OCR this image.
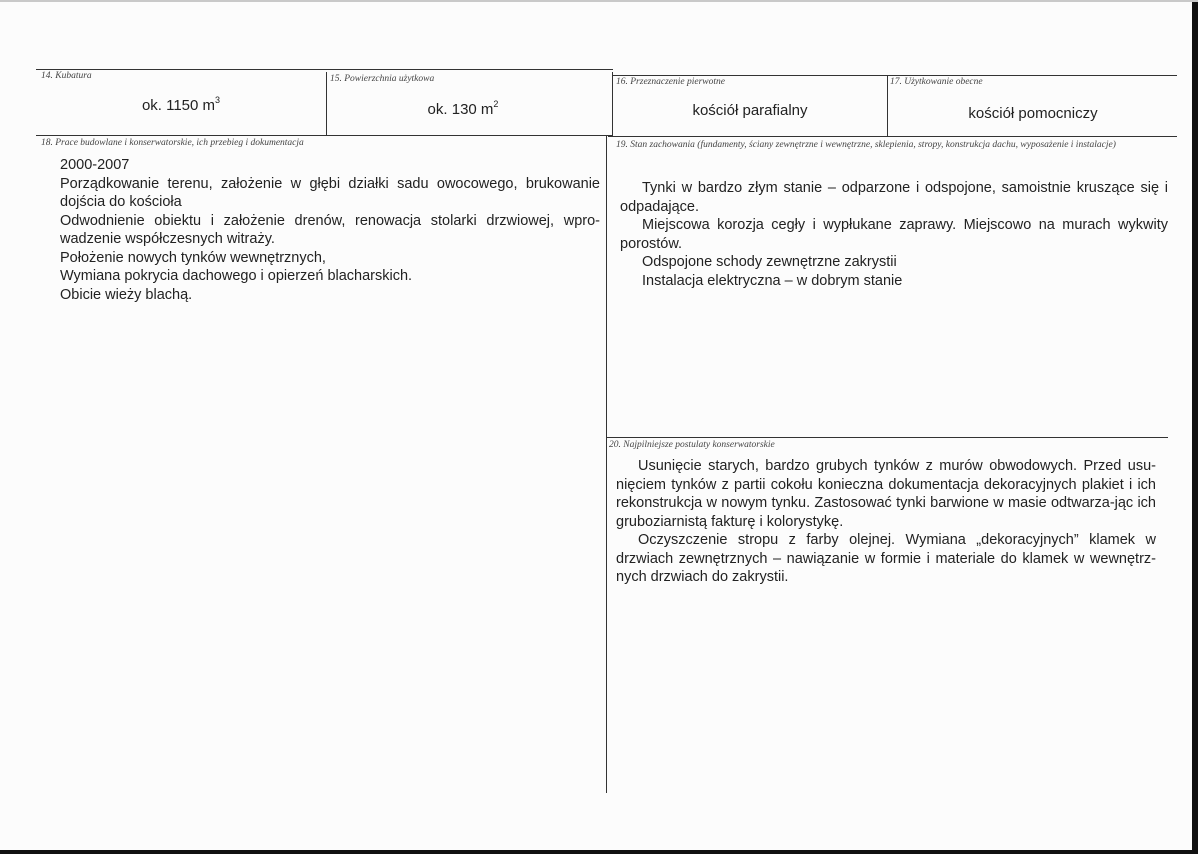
14. Kubatura
ok. 1150 $m^3$
15. Powierzchnia użytkowa
ok. 130 $m^2$
16. Przeznaczenie pierwotne
kościół parafialny
17. Użytkowanie obecne
kościół pomocniczy
18. Prace budowlane i konserwatorskie, ich przebieg i dokumentacja

2000-2007

Porządkowanie terenu, założenie w głębi działki sadu owocowego, brukowanie dojścia do kościoła

Odwodnienie obiektu i założenie drenów, renowacja stolarki drzwiowej, wpro-wadzenie współczesnych witraży.

Położenie nowych tynków wewnętrznych,

Wymiana pokrycia dachowego i opierzeń blacharskich.

Obicie wieży blachą.

19. Stan zachowania (fundamenty, ściany zewnętrzne i wewnętrzne, sklepienia, stropy, konstrukcja dachu, wyposażenie i instalacje)

Tynki w bardzo złym stanie – odparzone i odspojone, samoistnie kruszące się i odpadające.

Miejscowa korozja cegły i wypłukane zaprawy. Miejscowo na murach wykwity porostów.

Odspojone schody zewnętrzne zakrystii

Instalacja elektryczna – w dobrym stanie

20. Najpilniejsze postulaty konserwatorskie

Usunięcie starych, bardzo grubych tynków z murów obwodowych. Przed usu-nięciem tynków z partii cokołu konieczna dokumentacja dekoracyjnych plakiet i ich rekonstrukcja w nowym tynku. Zastosować tynki barwione w masie odtwarza-jąc ich gruboziarnistą fakturę i kolorystykę.

Oczyszczenie stropu z farby olejnej. Wymiana „dekoracyjnych” klamek w drzwiach zewnętrznych – nawiązanie w formie i materiale do klamek w wewnętrz-nych drzwiach do zakrystii.
